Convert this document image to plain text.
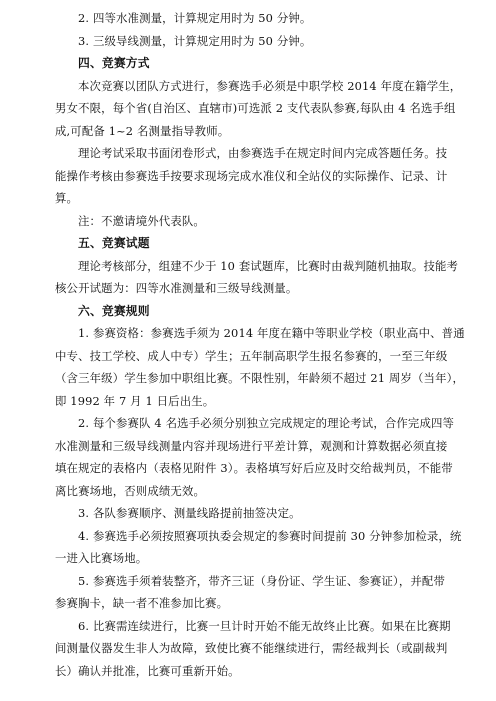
2. 四等水准测量，计算规定用时为 50 分钟。
3. 三级导线测量，计算规定用时为 50 分钟。
四、竞赛方式
本次竞赛以团队方式进行，参赛选手必须是中职学校 2014 年度在籍学生，
男女不限，每个省(自治区、直辖市)可选派 2 支代表队参赛,每队由 4 名选手组
成,可配备 1~2 名测量指导教师。
理论考试采取书面闭卷形式，由参赛选手在规定时间内完成答题任务。技
能操作考核由参赛选手按要求现场完成水准仪和全站仪的实际操作、记录、计
算。
注：不邀请境外代表队。
五、竞赛试题
理论考核部分，组建不少于 10 套试题库，比赛时由裁判随机抽取。技能考
核公开试题为：四等水准测量和三级导线测量。
六、竞赛规则
1. 参赛资格：参赛选手须为 2014 年度在籍中等职业学校（职业高中、普通
中专、技工学校、成人中专）学生；五年制高职学生报名参赛的，一至三年级
（含三年级）学生参加中职组比赛。不限性别，年龄须不超过 21 周岁（当年），
即 1992 年 7 月 1 日后出生。
2. 每个参赛队 4 名选手必须分别独立完成规定的理论考试，合作完成四等
水准测量和三级导线测量内容并现场进行平差计算，观测和计算数据必须直接
填在规定的表格内（表格见附件 3）。表格填写好后应及时交给裁判员，不能带
离比赛场地，否则成绩无效。
3. 各队参赛顺序、测量线路提前抽签决定。
4. 参赛选手必须按照赛项执委会规定的参赛时间提前 30 分钟参加检录，统
一进入比赛场地。
5. 参赛选手须着装整齐，带齐三证（身份证、学生证、参赛证），并配带
参赛胸卡，缺一者不准参加比赛。
6. 比赛需连续进行，比赛一旦计时开始不能无故终止比赛。如果在比赛期
间测量仪器发生非人为故障，致使比赛不能继续进行，需经裁判长（或副裁判
长）确认并批准，比赛可重新开始。
